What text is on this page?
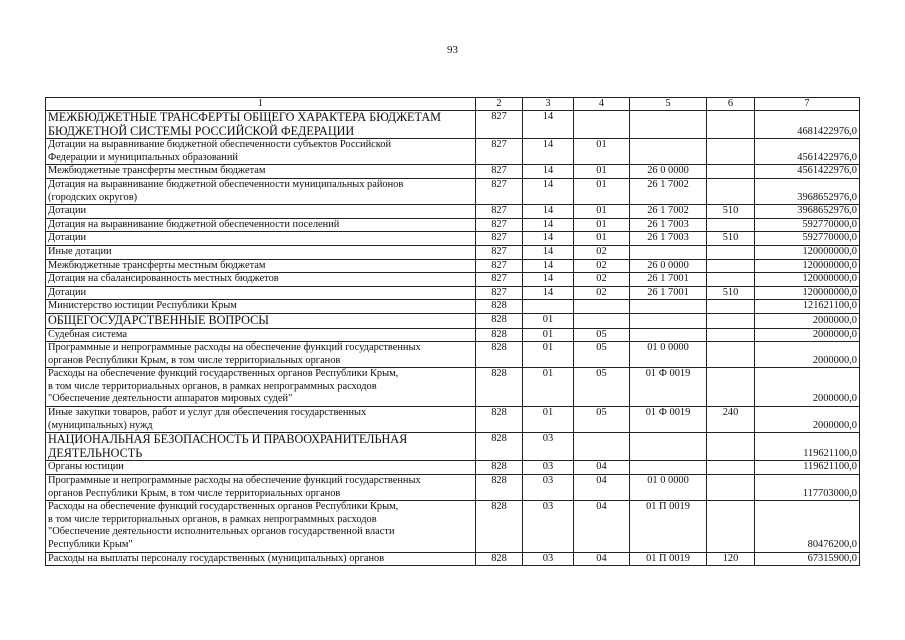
93
1	2	3	4	5	6	7

МЕЖБЮДЖЕТНЫЕ ТРАНСФЕРТЫ ОБЩЕГО ХАРАКТЕРА БЮДЖЕТАМ
БЮДЖЕТНОЙ СИСТЕМЫ РОССИЙСКОЙ ФЕДЕРАЦИИ	827	14				4681422976,0

Дотации на выравнивание бюджетной обеспеченности субъектов Российской
Федерации и муниципальных образований	827	14	01			4561422976,0

Межбюджетные трансферты местным бюджетам	827	14	01	26 0 0000		4561422976,0

Дотация на выравнивание бюджетной обеспеченности муниципальных районов
(городских округов)	827	14	01	26 1 7002		3968652976,0

Дотации	827	14	01	26 1 7002	510	3968652976,0

Дотация на выравнивание бюджетной обеспеченности поселений	827	14	01	26 1 7003		592770000,0

Дотации	827	14	01	26 1 7003	510	592770000,0

Иные дотации	827	14	02			120000000,0

Межбюджетные трансферты местным бюджетам	827	14	02	26 0 0000		120000000,0

Дотация на сбалансированность местных бюджетов	827	14	02	26 1 7001		120000000,0

Дотации	827	14	02	26 1 7001	510	120000000,0

Министерство юстиции Республики Крым	828					121621100,0

ОБЩЕГОСУДАРСТВЕННЫЕ ВОПРОСЫ	828	01				2000000,0

Судебная система	828	01	05			2000000,0

Программные и непрограммные расходы на обеспечение функций государственных
органов Республики Крым, в том числе территориальных органов	828	01	05	01 0 0000		2000000,0

Расходы на обеспечение функций государственных органов Республики Крым,
в том числе территориальных органов, в рамках непрограммных расходов
"Обеспечение деятельности аппаратов мировых судей"	828	01	05	01 Ф 0019		2000000,0

Иные закупки товаров, работ и услуг для обеспечения государственных
(муниципальных) нужд	828	01	05	01 Ф 0019	240	2000000,0

НАЦИОНАЛЬНАЯ БЕЗОПАСНОСТЬ И ПРАВООХРАНИТЕЛЬНАЯ
ДЕЯТЕЛЬНОСТЬ	828	03				119621100,0

Органы юстиции	828	03	04			119621100,0

Программные и непрограммные расходы на обеспечение функций государственных
органов Республики Крым, в том числе территориальных органов	828	03	04	01 0 0000		117703000,0

Расходы на обеспечение функций государственных органов Республики Крым,
в том числе территориальных органов, в рамках непрограммных расходов
"Обеспечение деятельности исполнительных органов государственной власти
Республики Крым"	828	03	04	01 П 0019		80476200,0

Расходы на выплаты персоналу государственных (муниципальных) органов	828	03	04	01 П 0019	120	67315900,0
